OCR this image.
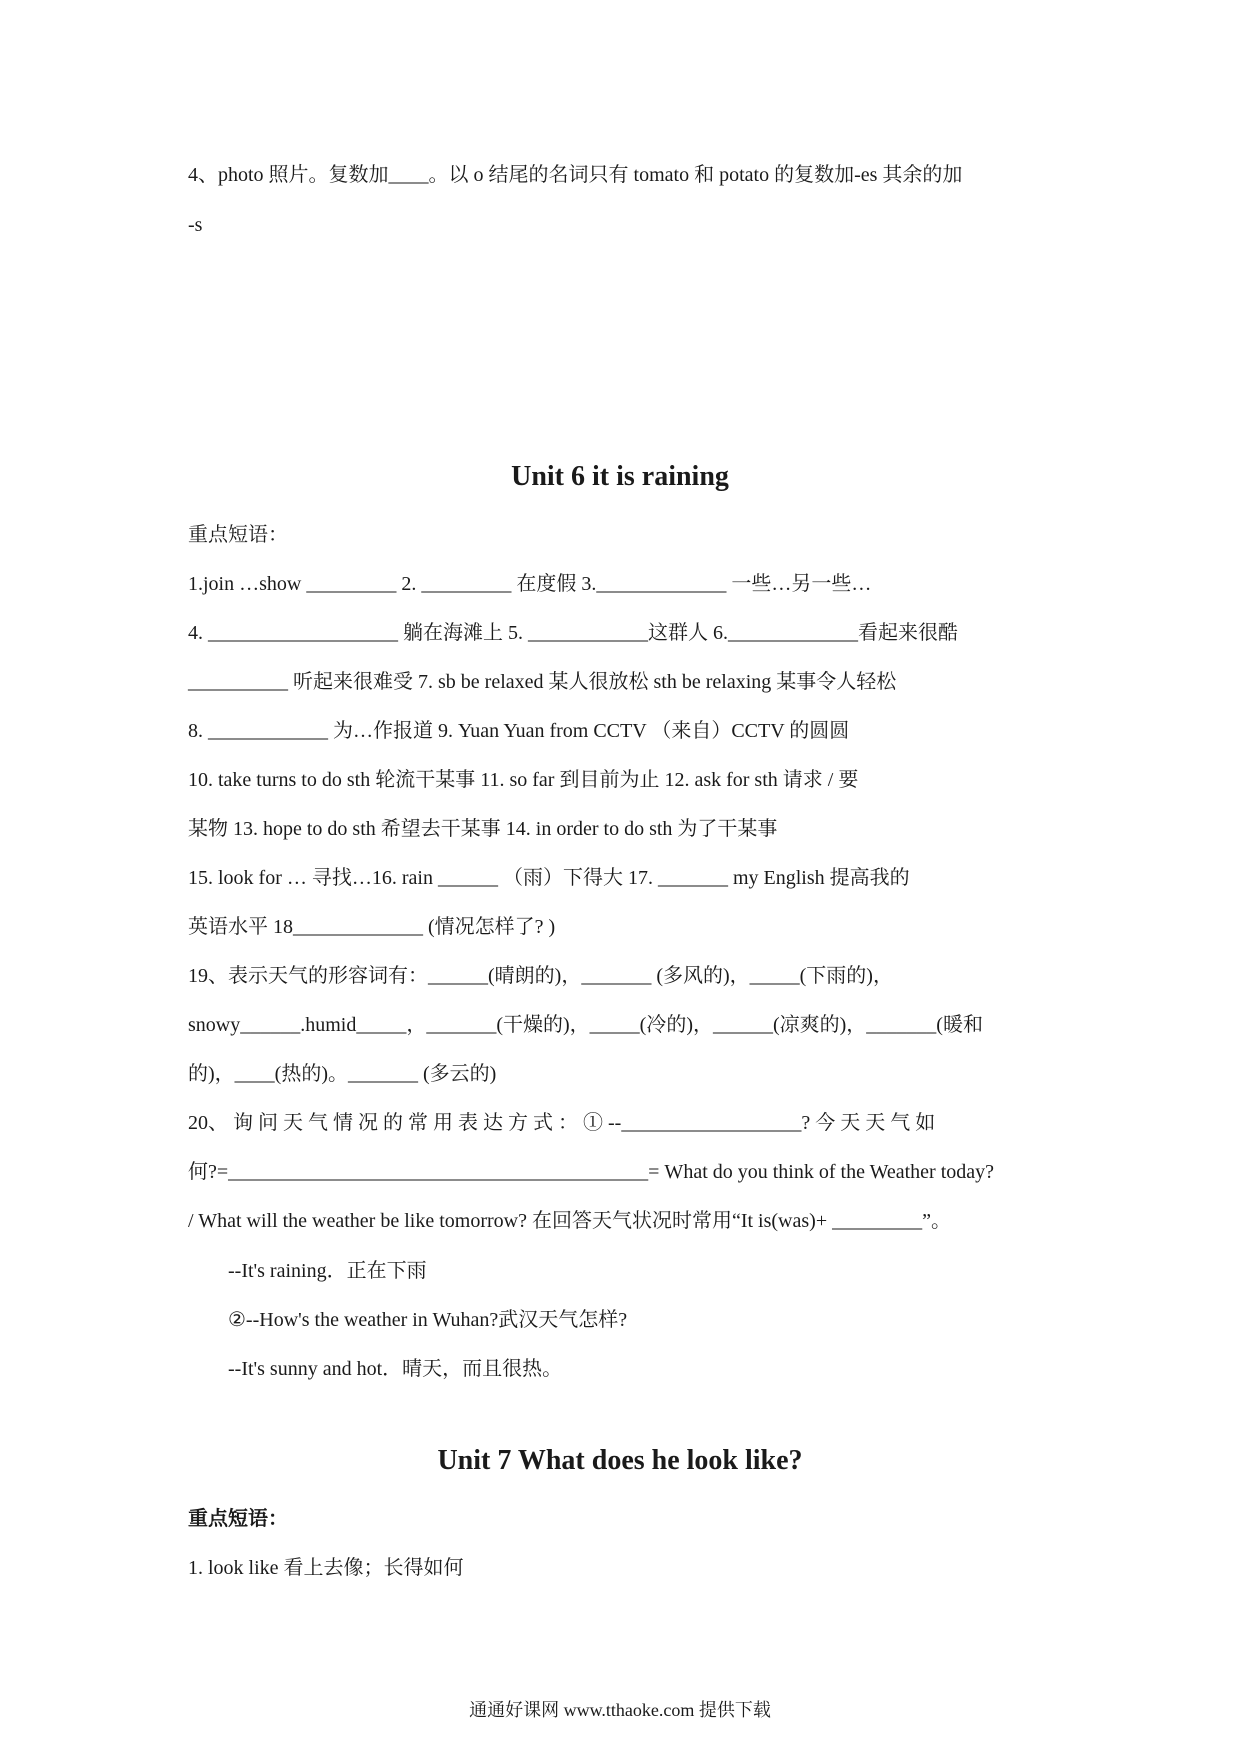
4、photo 照片。复数加____。以 o 结尾的名词只有 tomato 和 potato 的复数加-es 其余的加
-s
Unit 6 it is raining
重点短语：
1.join …show _________ 2. _________ 在度假 3._____________ 一些…另一些…
4. ___________________ 躺在海滩上 5. ____________这群人 6._____________看起来很酷
__________ 听起来很难受 7. sb be relaxed 某人很放松 sth be relaxing 某事令人轻松
8. ____________ 为…作报道 9. Yuan Yuan from CCTV （来自）CCTV 的圆圆
10. take turns to do sth 轮流干某事 11. so far 到目前为止 12. ask for sth 请求 / 要
某物 13. hope to do sth 希望去干某事 14. in order to do sth 为了干某事
15. look for … 寻找…16. rain ______ （雨）下得大 17. _______ my English 提高我的
英语水平 18_____________ (情况怎样了? )
19、表示天气的形容词有：______(晴朗的)，_______ (多风的)，_____(下雨的)，
snowy______.humid_____，_______(干燥的)，_____(冷的)，______(凉爽的)，_______(暖和
的)，____(热的)。_______ (多云的)
20、 询 问 天 气 情 况 的 常 用 表 达 方 式 ： ① --__________________? 今 天 天 气 如
何?=__________________________________________= What do you think of the Weather today?
/ What will the weather be like tomorrow? 在回答天气状况时常用“It is(was)+ _________”。
--It's raining．正在下雨
②--How's the weather in Wuhan?武汉天气怎样?
--It's sunny and hot．晴天，而且很热。
Unit 7 What does he look like?
重点短语：
1. look like 看上去像；长得如何
通通好课网 www.tthaoke.com 提供下载
